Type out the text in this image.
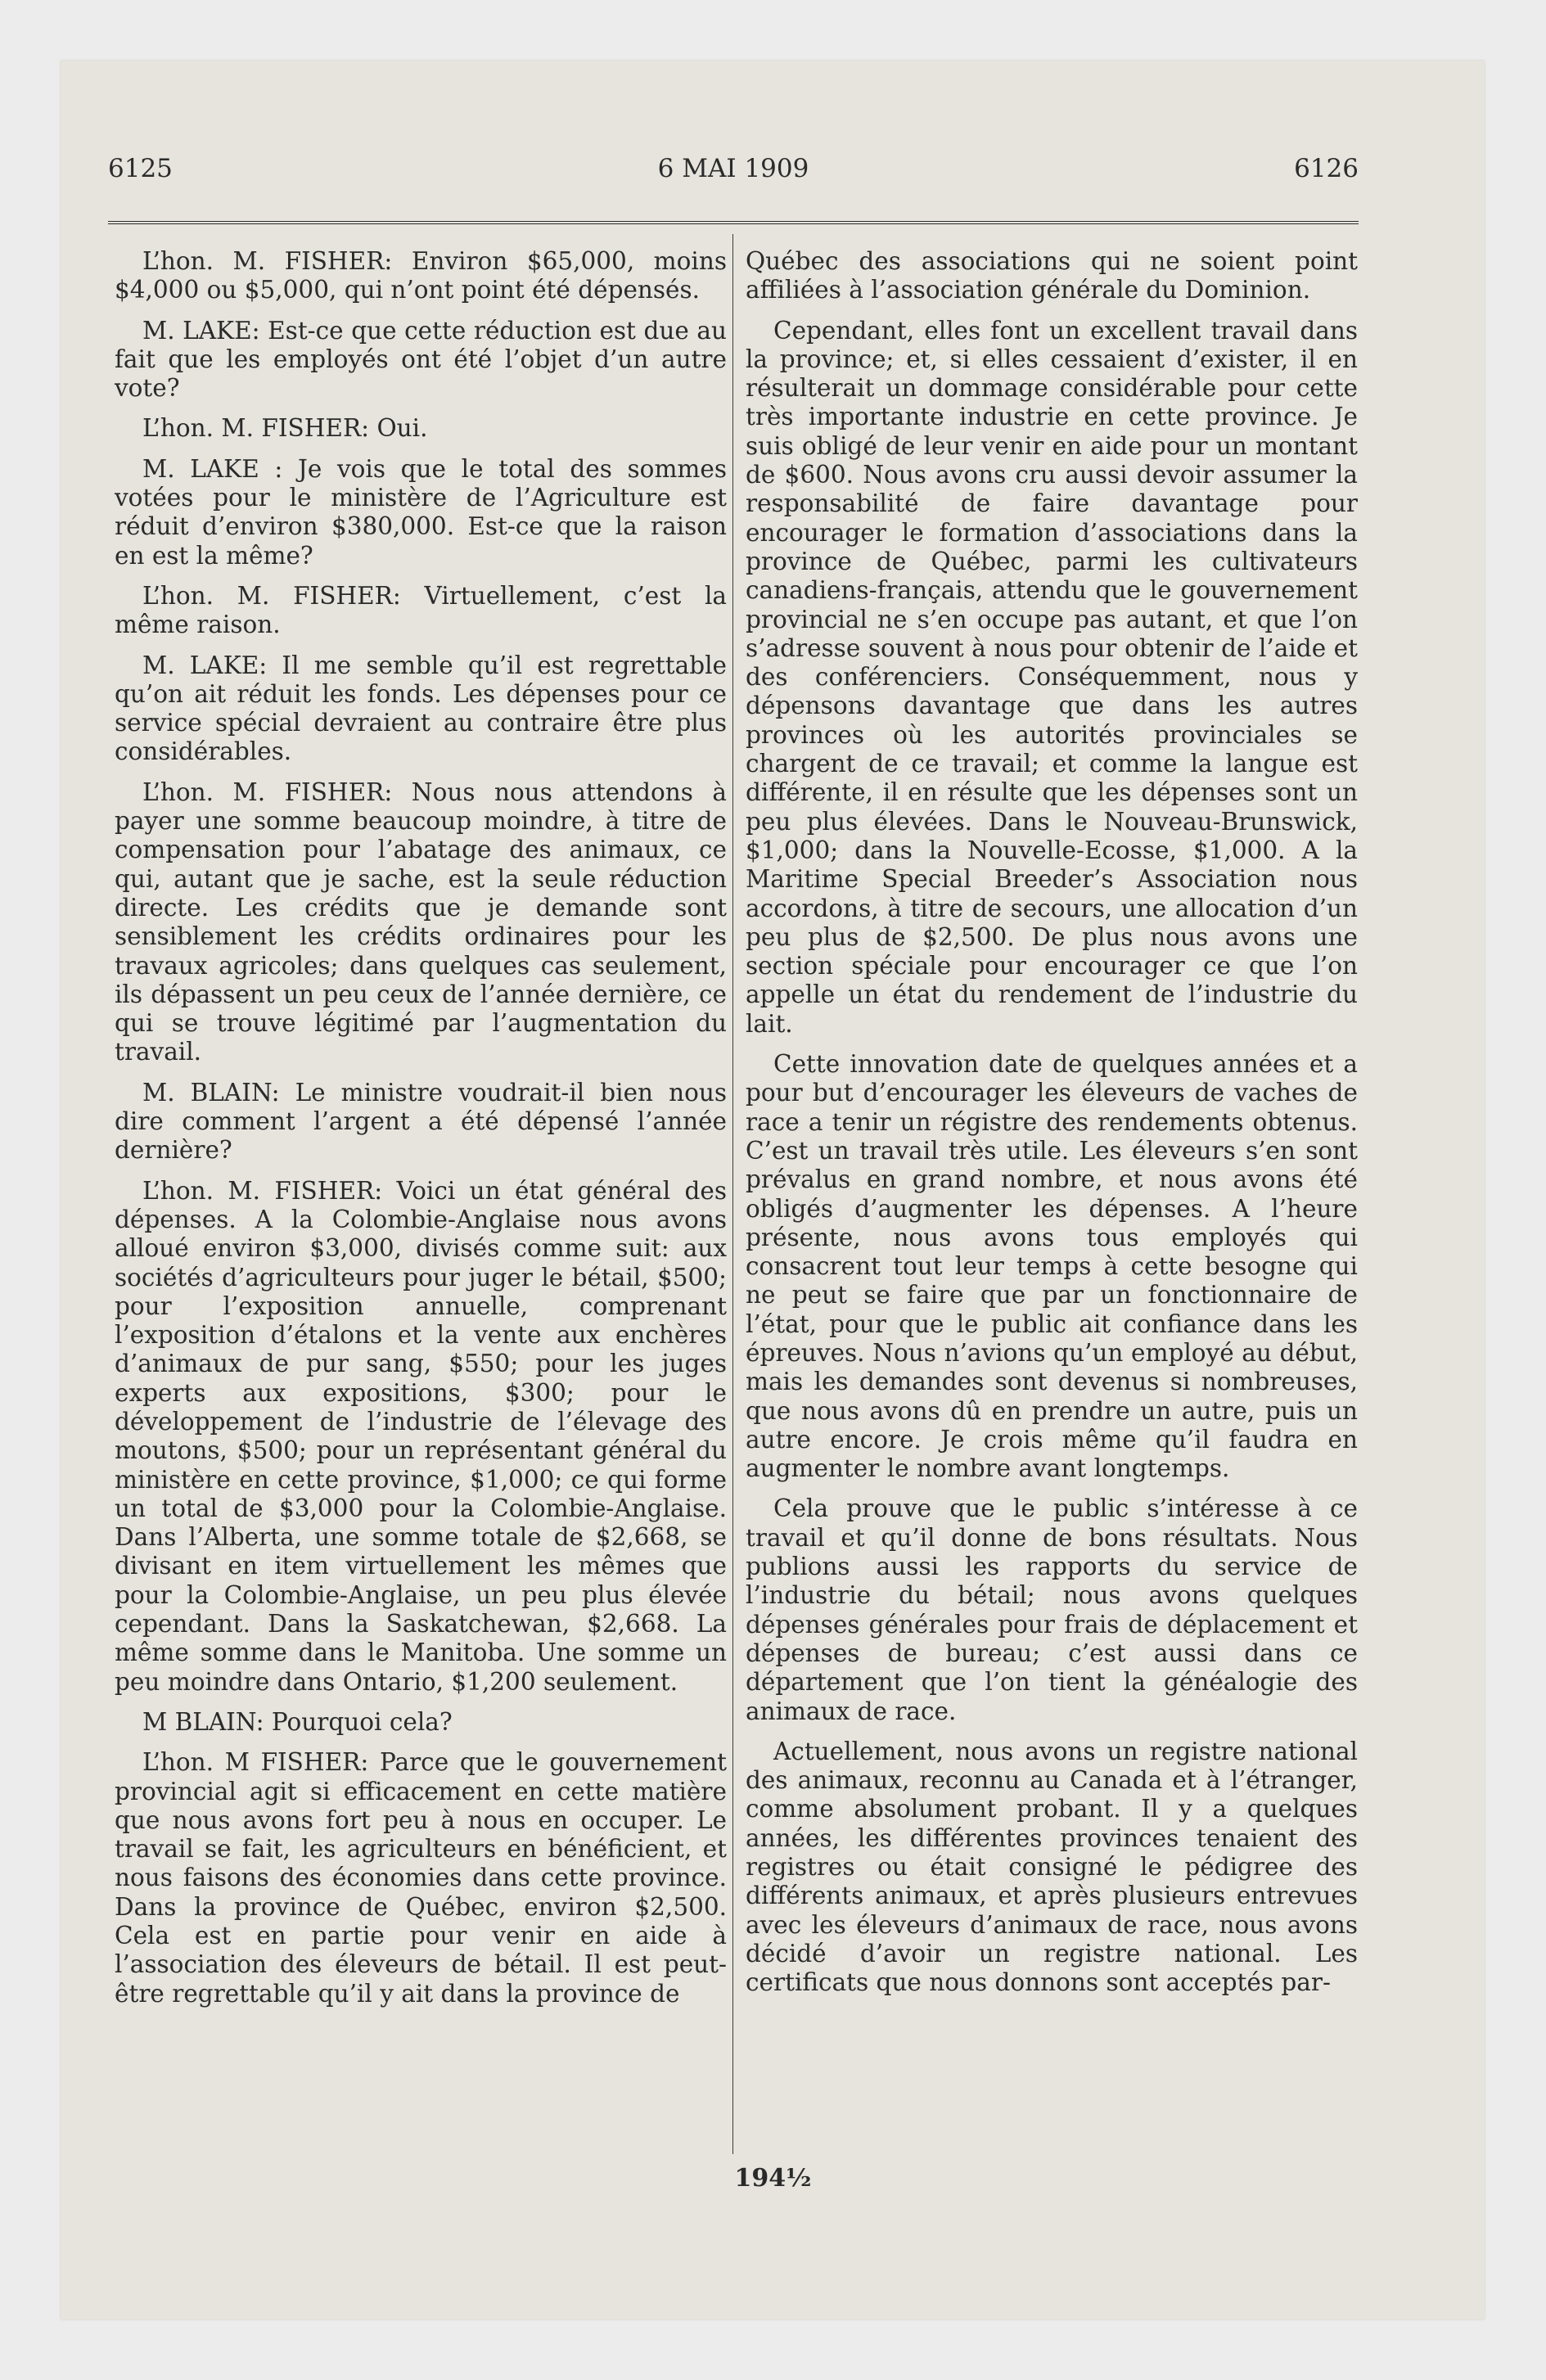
6125	6 MAI 1909	6126

L’hon. M. FISHER: Environ $65,000, moins $4,000 ou $5,000, qui n’ont point été dépensés.

M. LAKE: Est-ce que cette réduction est due au fait que les employés ont été l’objet d’un autre vote?

L’hon. M. FISHER: Oui.

M. LAKE : Je vois que le total des sommes votées pour le ministère de l’Agriculture est réduit d’environ $380,000. Est-ce que la raison en est la même?

L’hon. M. FISHER: Virtuellement, c’est la même raison.

M. LAKE: Il me semble qu’il est regrettable qu’on ait réduit les fonds. Les dépenses pour ce service spécial devraient au contraire être plus considérables.

L’hon. M. FISHER: Nous nous attendons à payer une somme beaucoup moindre, à titre de compensation pour l’abatage des animaux, ce qui, autant que je sache, est la seule réduction directe. Les crédits que je demande sont sensiblement les crédits ordinaires pour les travaux agricoles; dans quelques cas seulement, ils dépassent un peu ceux de l’année dernière, ce qui se trouve légitimé par l’augmentation du travail.

M. BLAIN: Le ministre voudrait-il bien nous dire comment l’argent a été dépensé l’année dernière?

L’hon. M. FISHER: Voici un état général des dépenses. A la Colombie-Anglaise nous avons alloué environ $3,000, divisés comme suit: aux sociétés d’agriculteurs pour juger le bétail, $500; pour l’exposition annuelle, comprenant l’exposition d’étalons et la vente aux enchères d’animaux de pur sang, $550; pour les juges experts aux expositions, $300; pour le développement de l’industrie de l’élevage des moutons, $500; pour un représentant général du ministère en cette province, $1,000; ce qui forme un total de $3,000 pour la Colombie-Anglaise. Dans l’Alberta, une somme totale de $2,668, se divisant en item virtuellement les mêmes que pour la Colombie-Anglaise, un peu plus élevée cependant. Dans la Saskatchewan, $2,668. La même somme dans le Manitoba. Une somme un peu moindre dans Ontario, $1,200 seulement.

M BLAIN: Pourquoi cela?

L’hon. M FISHER: Parce que le gouvernement provincial agit si efficacement en cette matière que nous avons fort peu à nous en occuper. Le travail se fait, les agriculteurs en bénéficient, et nous faisons des économies dans cette province. Dans la province de Québec, environ $2,500. Cela est en partie pour venir en aide à l’association des éleveurs de bétail. Il est peut-être regrettable qu’il y ait dans la province de

Québec des associations qui ne soient point affiliées à l’association générale du Dominion.

Cependant, elles font un excellent travail dans la province; et, si elles cessaient d’exister, il en résulterait un dommage considérable pour cette très importante industrie en cette province. Je suis obligé de leur venir en aide pour un montant de $600. Nous avons cru aussi devoir assumer la responsabilité de faire davantage pour encourager le formation d’associations dans la province de Québec, parmi les cultivateurs canadiens-français, attendu que le gouvernement provincial ne s’en occupe pas autant, et que l’on s’adresse souvent à nous pour obtenir de l’aide et des conférenciers. Conséquemment, nous y dépensons davantage que dans les autres provinces où les autorités provinciales se chargent de ce travail; et comme la langue est différente, il en résulte que les dépenses sont un peu plus élevées. Dans le Nouveau-Brunswick, $1,000; dans la Nouvelle-Ecosse, $1,000. A la Maritime Special Breeder’s Association nous accordons, à titre de secours, une allocation d’un peu plus de $2,500. De plus nous avons une section spéciale pour encourager ce que l’on appelle un état du rendement de l’industrie du lait.

Cette innovation date de quelques années et a pour but d’encourager les éleveurs de vaches de race a tenir un régistre des rendements obtenus. C’est un travail très utile. Les éleveurs s’en sont prévalus en grand nombre, et nous avons été obligés d’augmenter les dépenses. A l’heure présente, nous avons tous employés qui consacrent tout leur temps à cette besogne qui ne peut se faire que par un fonctionnaire de l’état, pour que le public ait confiance dans les épreuves. Nous n’avions qu’un employé au début, mais les demandes sont devenus si nombreuses, que nous avons dû en prendre un autre, puis un autre encore. Je crois même qu’il faudra en augmenter le nombre avant longtemps.

Cela prouve que le public s’intéresse à ce travail et qu’il donne de bons résultats. Nous publions aussi les rapports du service de l’industrie du bétail; nous avons quelques dépenses générales pour frais de déplacement et dépenses de bureau; c’est aussi dans ce département que l’on tient la généalogie des animaux de race.

Actuellement, nous avons un registre national des animaux, reconnu au Canada et à l’étranger, comme absolument probant. Il y a quelques années, les différentes provinces tenaient des registres ou était consigné le pédigree des différents animaux, et après plusieurs entrevues avec les éleveurs d’animaux de race, nous avons décidé d’avoir un registre national. Les certificats que nous donnons sont acceptés par-

194½
